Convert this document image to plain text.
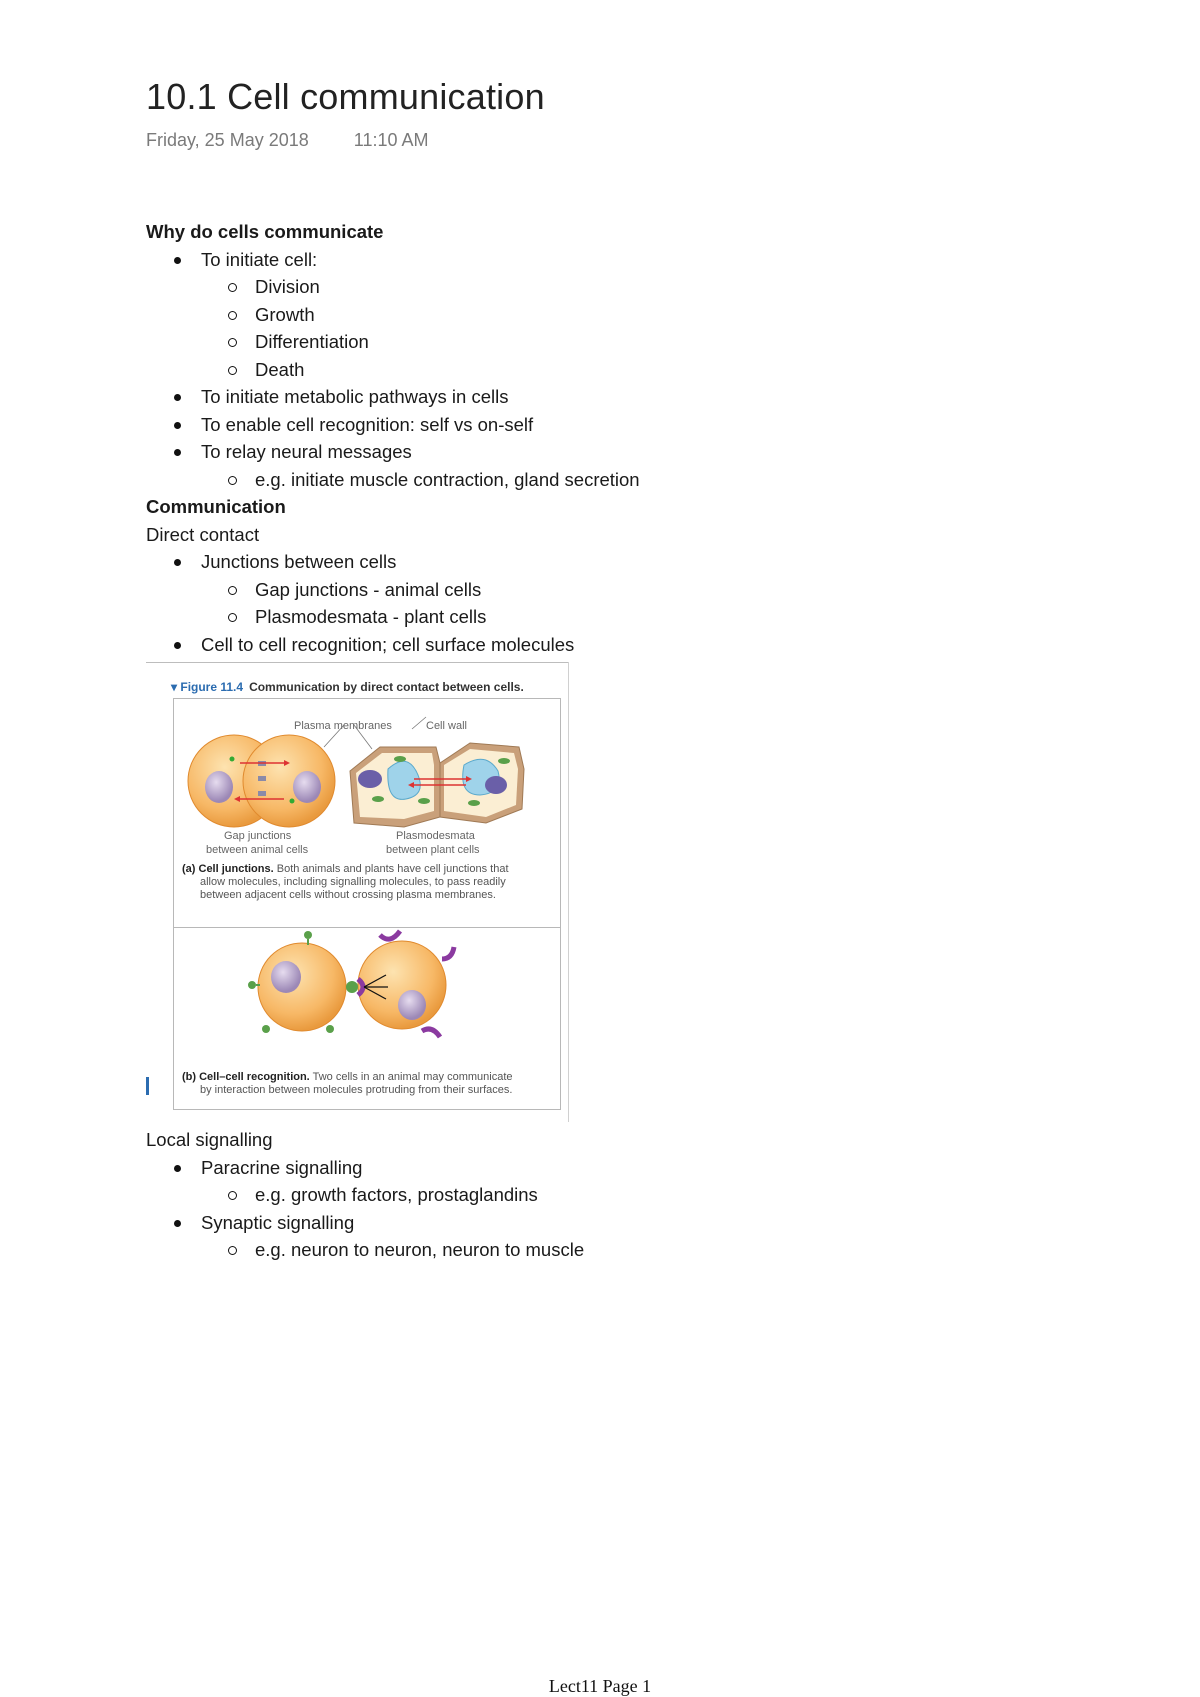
10.1 Cell communication
Friday, 25 May 2018	11:10 AM
Why do cells communicate
To initiate cell:
Division
Growth
Differentiation
Death
To initiate metabolic pathways in cells
To enable cell recognition: self vs on-self
To relay neural messages
e.g. initiate muscle contraction, gland secretion
Communication
Direct contact
Junctions between cells
Gap junctions - animal cells
Plasmodesmata - plant cells
Cell to cell recognition; cell surface molecules
▾ Figure 11.4 Communication by direct contact between cells.
Plasma membranes	Cell wall
Gap junctions
between animal cells
Plasmodesmata
between plant cells
(a) Cell junctions. Both animals and plants have cell junctions that
allow molecules, including signalling molecules, to pass readily
between adjacent cells without crossing plasma membranes.
(b) Cell–cell recognition. Two cells in an animal may communicate
by interaction between molecules protruding from their surfaces.
Local signalling
Paracrine signalling
e.g. growth factors, prostaglandins
Synaptic signalling
e.g. neuron to neuron, neuron to muscle
Lect11 Page 1
